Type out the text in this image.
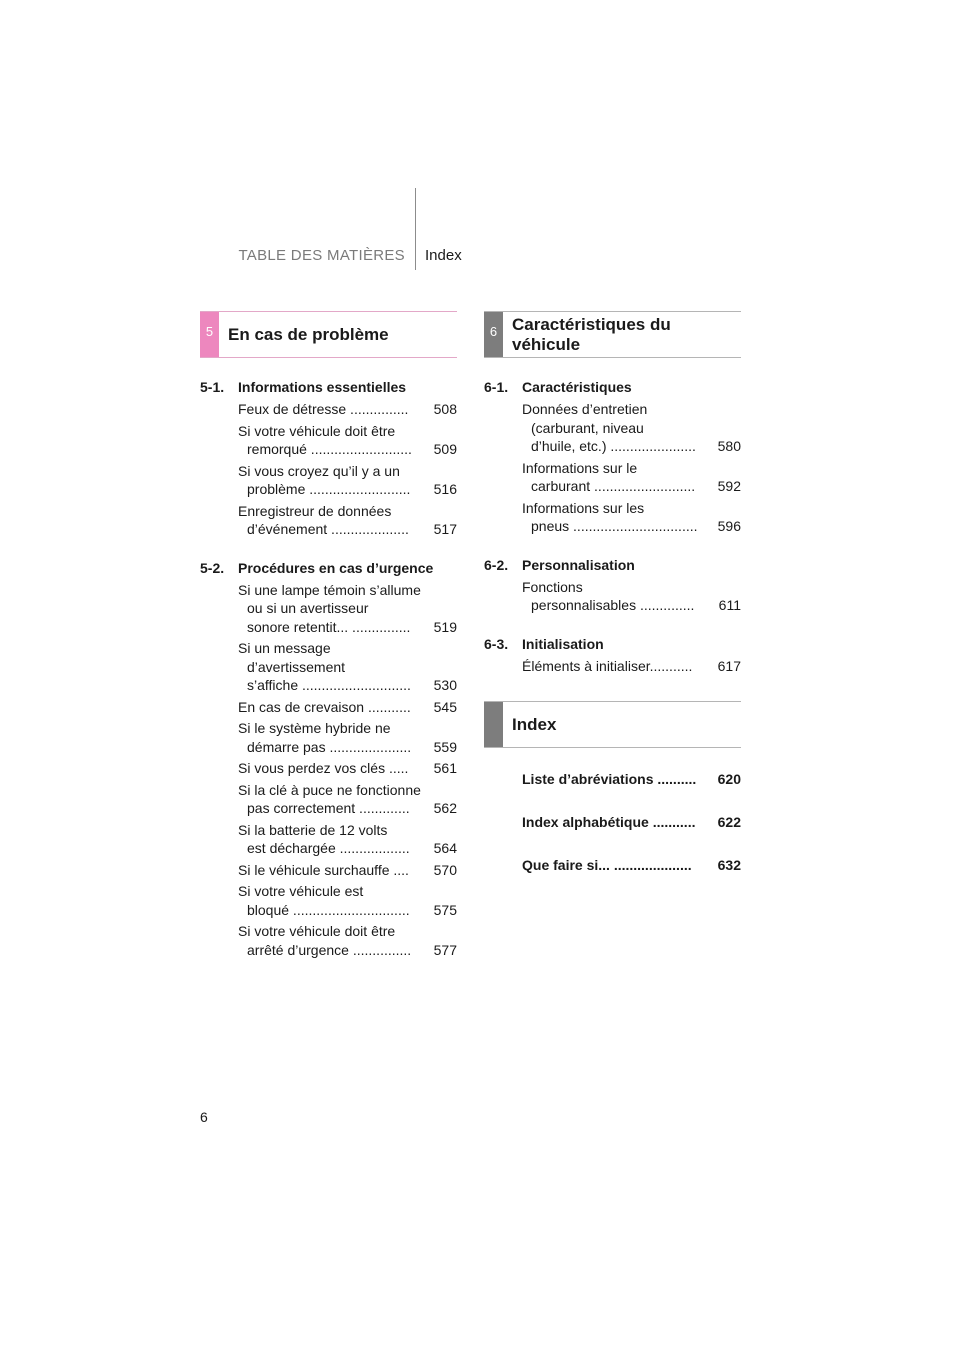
TABLE DES MATIÈRES Index
5 En cas de problème
5-1. Informations essentielles
Feux de détresse ...............	508
Si votre véhicule doit être
remorqué ..........................	509
Si vous croyez qu’il y a un
problème ..........................	516
Enregistreur de données
d’événement ....................	517
5-2. Procédures en cas d’urgence
Si une lampe témoin s’allume
ou si un avertisseur
sonore retentit... ...............	519
Si un message
d’avertissement
s’affiche ............................	530
En cas de crevaison ...........	545
Si le système hybride ne
démarre pas .....................	559
Si vous perdez vos clés .....	561
Si la clé à puce ne fonctionne
pas correctement .............	562
Si la batterie de 12 volts
est déchargée ..................	564
Si le véhicule surchauffe ....	570
Si votre véhicule est
bloqué ..............................	575
Si votre véhicule doit être
arrêté d’urgence ...............	577
6 Caractéristiques du
véhicule
6-1. Caractéristiques
Données d’entretien
(carburant, niveau
d’huile, etc.) ......................	580
Informations sur le
carburant ..........................	592
Informations sur les
pneus ................................	596
6-2. Personnalisation
Fonctions
personnalisables ..............	611
6-3. Initialisation
Éléments à initialiser...........	617
Index
Liste d’abréviations .......... 620
Index alphabétique ........... 622
Que faire si... .................... 632
6
